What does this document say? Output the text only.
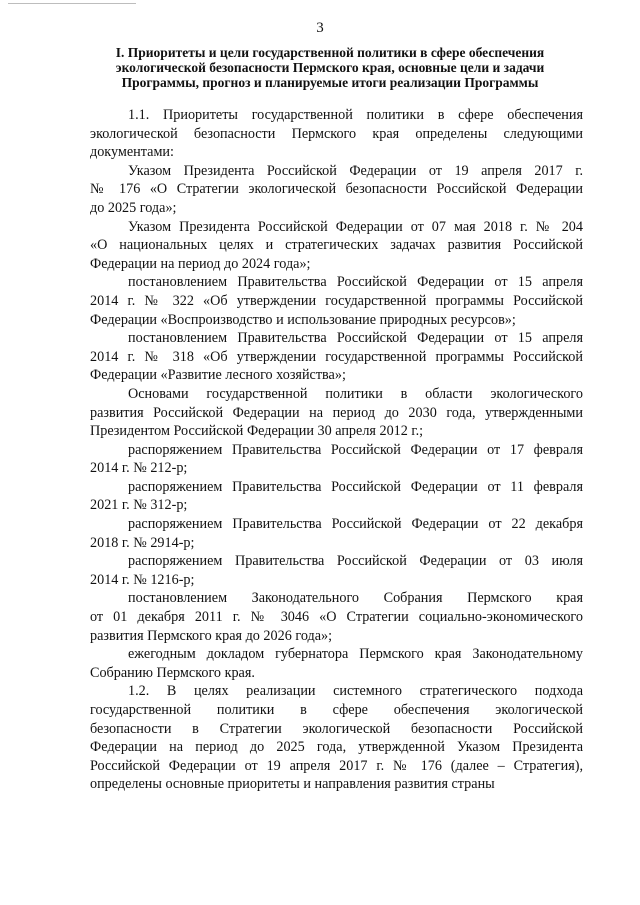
3
I. Приоритеты и цели государственной политики в сфере обеспечения
экологической безопасности Пермского края, основные цели и задачи
Программы, прогноз и планируемые итоги реализации Программы

1.1. Приоритеты государственной политики в сфере обеспечения
экологической безопасности Пермского края определены следующими
документами:

Указом Президента Российской Федерации от 19 апреля 2017 г.
№ 176 «О Стратегии экологической безопасности Российской Федерации
до 2025 года»;

Указом Президента Российской Федерации от 07 мая 2018 г. № 204
«О национальных целях и стратегических задачах развития Российской
Федерации на период до 2024 года»;

постановлением Правительства Российской Федерации от 15 апреля
2014 г. № 322 «Об утверждении государственной программы Российской
Федерации «Воспроизводство и использование природных ресурсов»;

постановлением Правительства Российской Федерации от 15 апреля
2014 г. № 318 «Об утверждении государственной программы Российской
Федерации «Развитие лесного хозяйства»;

Основами государственной политики в области экологического
развития Российской Федерации на период до 2030 года, утвержденными
Президентом Российской Федерации 30 апреля 2012 г.;

распоряжением Правительства Российской Федерации от 17 февраля
2014 г. № 212-р;

распоряжением Правительства Российской Федерации от 11 февраля
2021 г. № 312-р;

распоряжением Правительства Российской Федерации от 22 декабря
2018 г. № 2914-р;

распоряжением Правительства Российской Федерации от 03 июля
2014 г. № 1216-р;

постановлением Законодательного Собрания Пермского края
от 01 декабря 2011 г. № 3046 «О Стратегии социально-экономического
развития Пермского края до 2026 года»;

ежегодным докладом губернатора Пермского края Законодательному
Собранию Пермского края.

1.2. В целях реализации системного стратегического подхода
государственной политики в сфере обеспечения экологической
безопасности в Стратегии экологической безопасности Российской
Федерации на период до 2025 года, утвержденной Указом Президента
Российской Федерации от 19 апреля 2017 г. № 176 (далее – Стратегия),
определены основные приоритеты и направления развития страны
